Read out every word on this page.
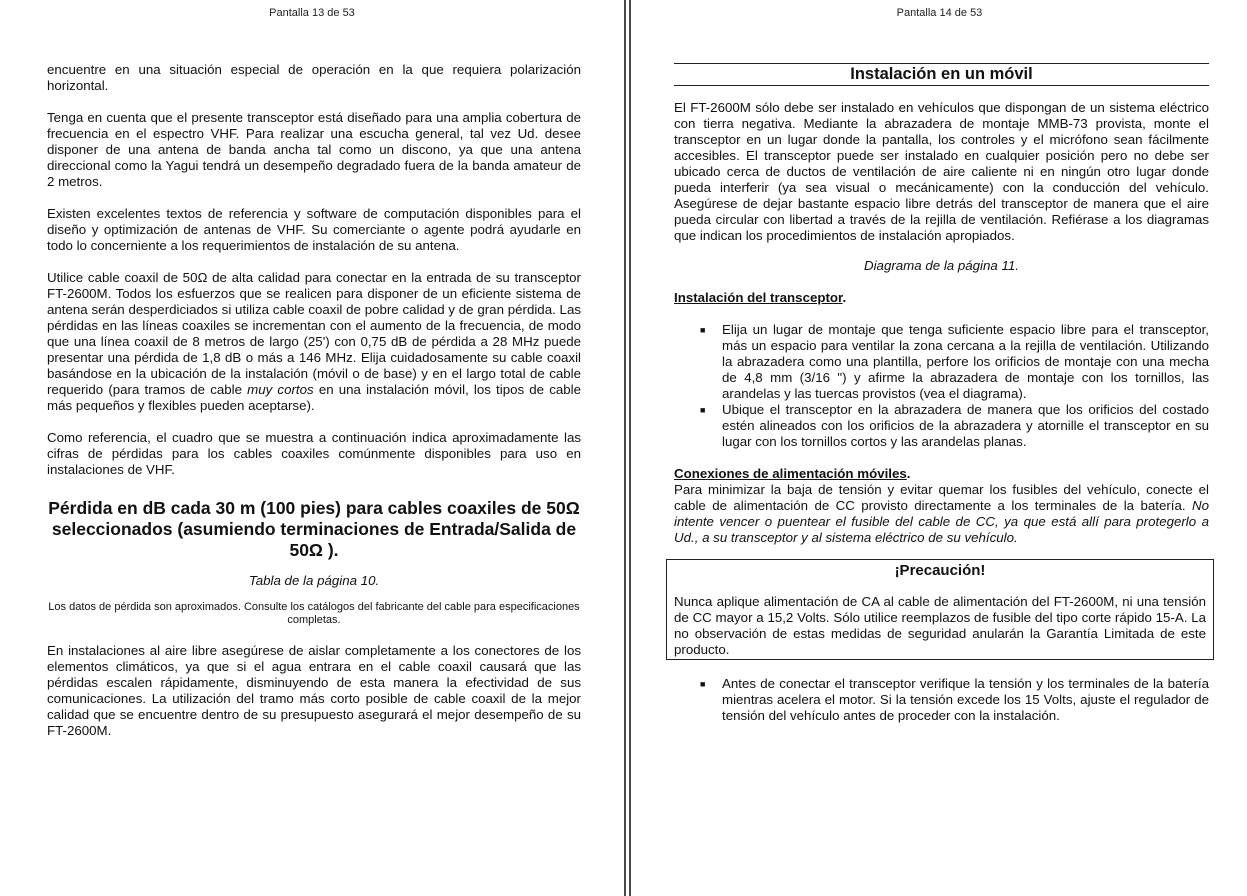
Pantalla 13 de 53

encuentre en una situación especial de operación en la que requiera polarización horizontal.

Tenga en cuenta que el presente transceptor está diseñado para una amplia cobertura de frecuencia en el espectro VHF. Para realizar una escucha general, tal vez Ud. desee disponer de una antena de banda ancha tal como un discono, ya que una antena direccional como la Yagui tendrá un desempeño degradado fuera de la banda amateur de 2 metros.

Existen excelentes textos de referencia y software de computación disponibles para el diseño y optimización de antenas de VHF. Su comerciante o agente podrá ayudarle en todo lo concerniente a los requerimientos de instalación de su antena.

Utilice cable coaxil de 50Ω de alta calidad para conectar en la entrada de su transceptor FT-2600M. Todos los esfuerzos que se realicen para disponer de un eficiente sistema de antena serán desperdiciados si utiliza cable coaxil de pobre calidad y de gran pérdida. Las pérdidas en las líneas coaxiles se incrementan con el aumento de la frecuencia, de modo que una línea coaxil de 8 metros de largo (25') con 0,75 dB de pérdida a 28 MHz puede presentar una pérdida de 1,8 dB o más a 146 MHz. Elija cuidadosamente su cable coaxil basándose en la ubicación de la instalación (móvil o de base) y en el largo total de cable requerido (para tramos de cable muy cortos en una instalación móvil, los tipos de cable más pequeños y flexibles pueden aceptarse).

Como referencia, el cuadro que se muestra a continuación indica aproximadamente las cifras de pérdidas para los cables coaxiles comúnmente disponibles para uso en instalaciones de VHF.

Pérdida en dB cada 30 m (100 pies) para cables coaxiles de 50Ω seleccionados (asumiendo terminaciones de Entrada/Salida de 50Ω ).

Tabla de la página 10.

Los datos de pérdida son aproximados. Consulte los catálogos del fabricante del cable para especificaciones completas.

En instalaciones al aire libre asegúrese de aislar completamente a los conectores de los elementos climáticos, ya que si el agua entrara en el cable coaxil causará que las pérdidas escalen rápidamente, disminuyendo de esta manera la efectividad de sus comunicaciones. La utilización del tramo más corto posible de cable coaxil de la mejor calidad que se encuentre dentro de su presupuesto asegurará el mejor desempeño de su FT-2600M.

Pantalla 14 de 53
Instalación en un móvil

El FT-2600M sólo debe ser instalado en vehículos que dispongan de un sistema eléctrico con tierra negativa. Mediante la abrazadera de montaje MMB-73 provista, monte el transceptor en un lugar donde la pantalla, los controles y el micrófono sean fácilmente accesibles. El transceptor puede ser instalado en cualquier posición pero no debe ser ubicado cerca de ductos de ventilación de aire caliente ni en ningún otro lugar donde pueda interferir (ya sea visual o mecánicamente) con la conducción del vehículo. Asegúrese de dejar bastante espacio libre detrás del transceptor de manera que el aire pueda circular con libertad a través de la rejilla de ventilación. Refiérase a los diagramas que indican los procedimientos de instalación apropiados.

Diagrama de la página 11.

Instalación del transceptor.

■ Elija un lugar de montaje que tenga suficiente espacio libre para el transceptor, más un espacio para ventilar la zona cercana a la rejilla de ventilación. Utilizando la abrazadera como una plantilla, perfore los orificios de montaje con una mecha de 4,8 mm (3/16 ") y afirme la abrazadera de montaje con los tornillos, las arandelas y las tuercas provistos (vea el diagrama).
■ Ubique el transceptor en la abrazadera de manera que los orificios del costado estén alineados con los orificios de la abrazadera y atornille el transceptor en su lugar con los tornillos cortos y las arandelas planas.

Conexiones de alimentación móviles.

Para minimizar la baja de tensión y evitar quemar los fusibles del vehículo, conecte el cable de alimentación de CC provisto directamente a los terminales de la batería. No intente vencer o puentear el fusible del cable de CC, ya que está allí para protegerlo a Ud., a su transceptor y al sistema eléctrico de su vehículo.

¡Precaución!

Nunca aplique alimentación de CA al cable de alimentación del FT-2600M, ni una tensión de CC mayor a 15,2 Volts. Sólo utilice reemplazos de fusible del tipo corte rápido 15-A. La no observación de estas medidas de seguridad anularán la Garantía Limitada de este producto.

■ Antes de conectar el transceptor verifique la tensión y los terminales de la batería mientras acelera el motor. Si la tensión excede los 15 Volts, ajuste el regulador de tensión del vehículo antes de proceder con la instalación.
